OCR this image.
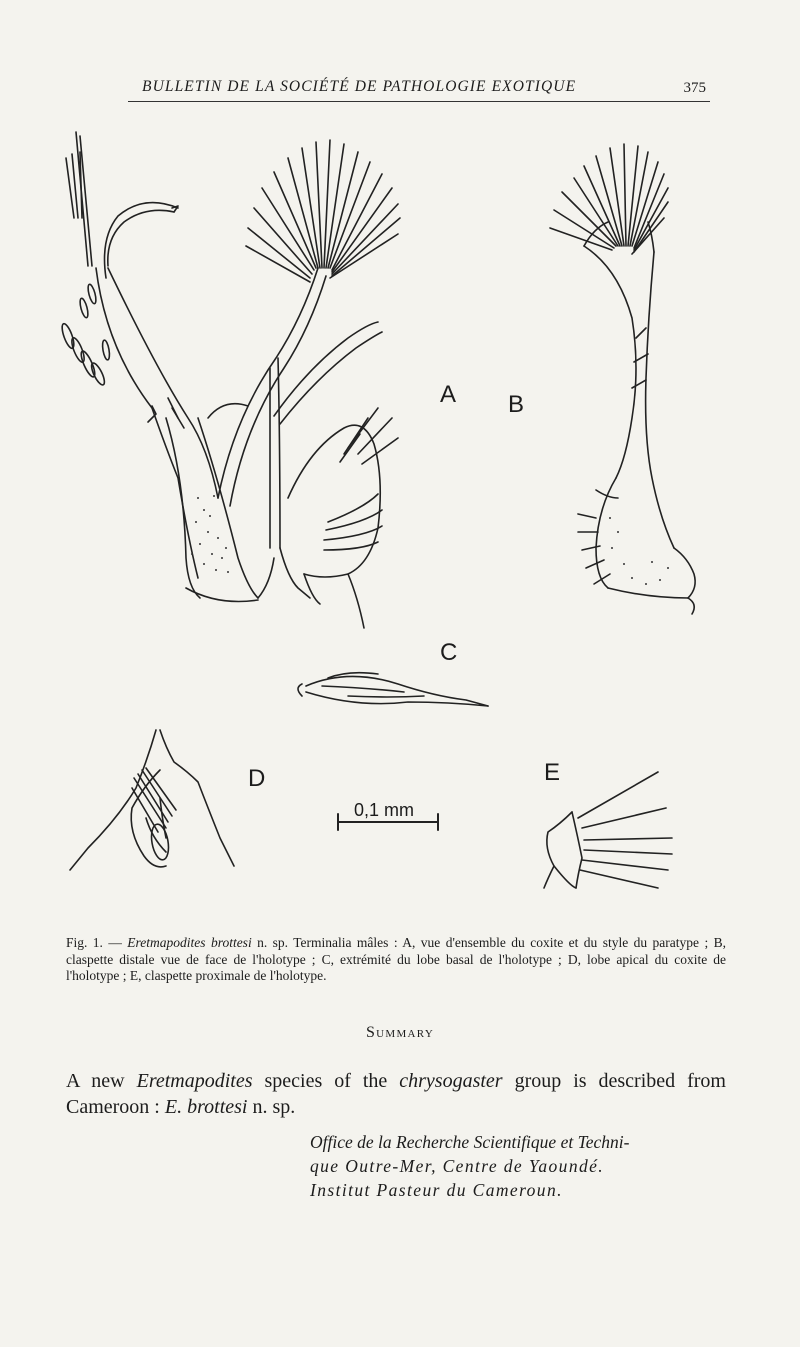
BULLETIN DE LA SOCIÉTÉ DE PATHOLOGIE EXOTIQUE	375
A B
C
D	E
0,1 mm

Fig. 1. — Eretmapodites brottesi n. sp. Terminalia mâles : A, vue d'ensemble du coxite et du style du paratype ; B, claspette distale vue de face de l'holotype ; C, extrémité du lobe basal de l'holotype ; D, lobe apical du coxite de l'holotype ; E, claspette proximale de l'holotype.

Summary

A new Eretmapodites species of the chrysogaster group is described from Cameroon : E. brottesi n. sp.

Office de la Recherche Scientifique et Techni-
que Outre-Mer, Centre de Yaoundé.
Institut Pasteur du Cameroun.
